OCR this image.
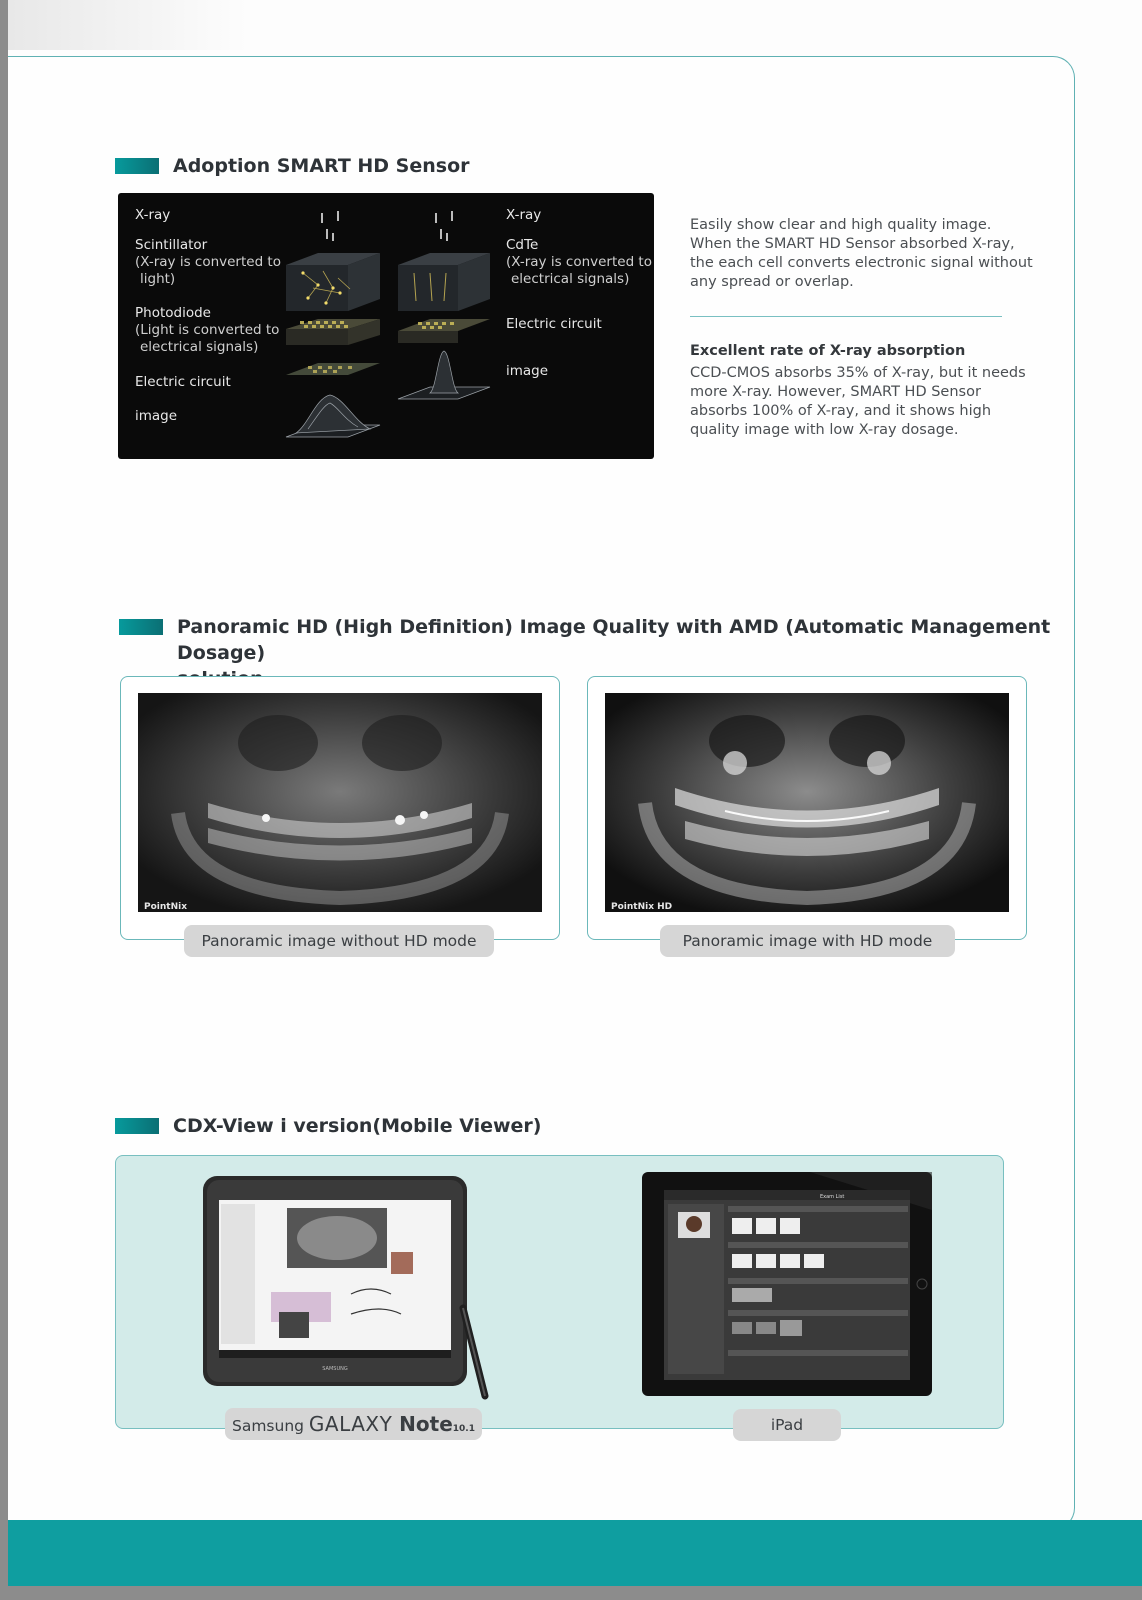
Adoption SMART HD Sensor
X-ray
Scintillator
(X-ray is converted to
light)
Photodiode
(Light is converted to
electrical signals)
Electric circuit
image
X-ray
CdTe
(X-ray is converted to
electrical signals)
Electric circuit
image
Easily show clear and high quality image.
When the SMART HD Sensor absorbed X-ray,
the each cell converts electronic signal without
any spread or overlap.
Excellent rate of X-ray absorption
CCD-CMOS absorbs 35% of X-ray, but it needs
more X-ray. However, SMART HD Sensor
absorbs 100% of X-ray, and it shows high
quality image with low X-ray dosage.
Panoramic HD (High Definition) Image Quality with AMD (Automatic Management Dosage)

PointNix
Panoramic image without HD mode
PointNix HD
Panoramic image with HD mode
CDX-View i version(Mobile Viewer)
SAMSUNG
Exam List
Samsung GALAXY Note10.1	iPad
